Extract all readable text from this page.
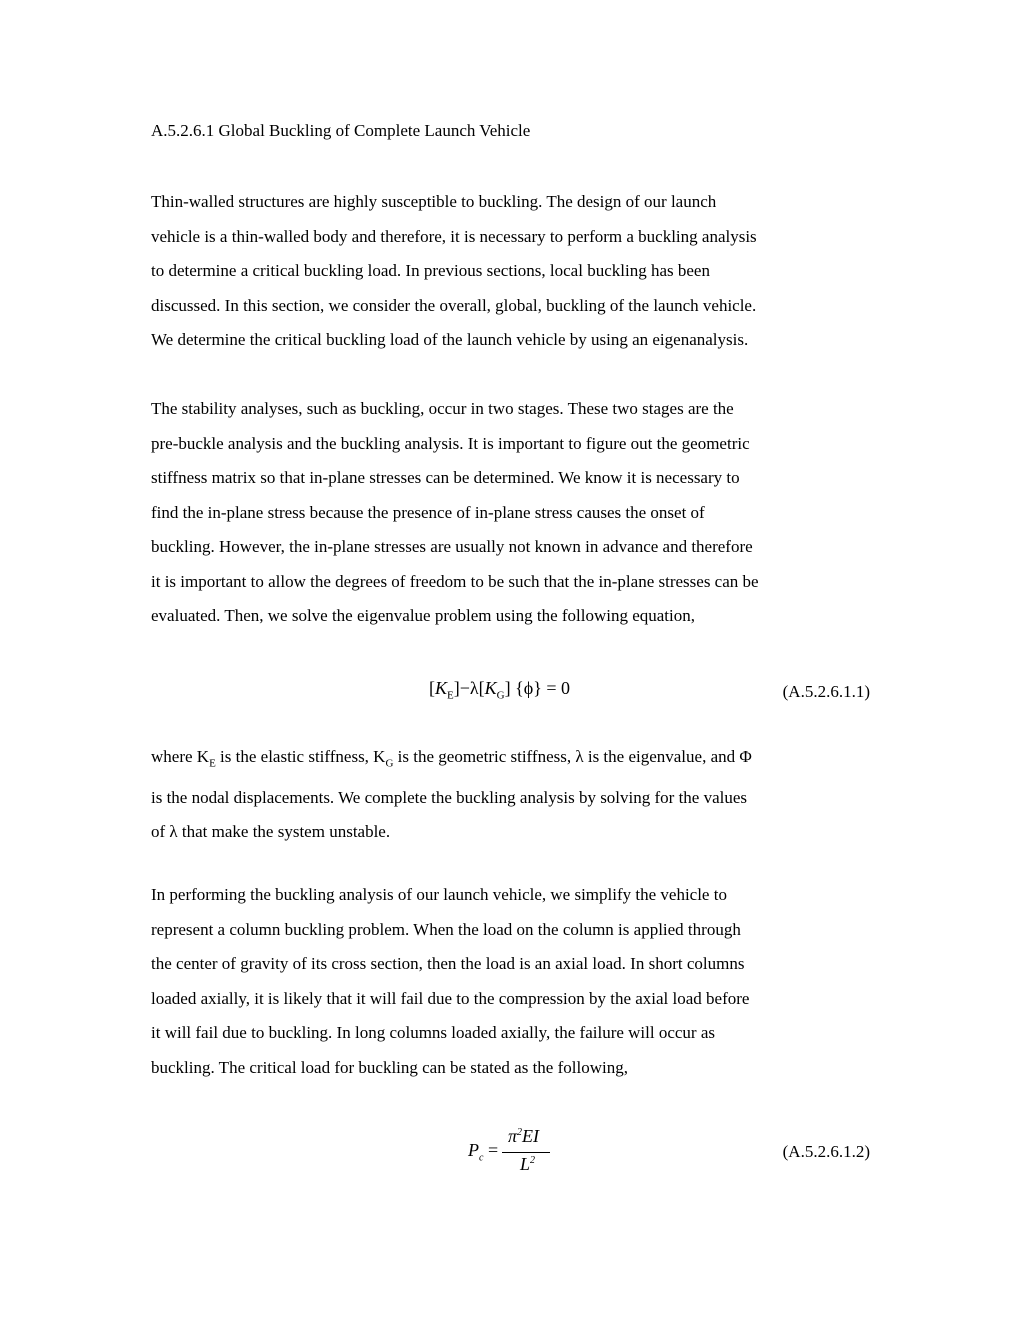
A.5.2.6.1 Global Buckling of Complete Launch Vehicle
Thin-walled structures are highly susceptible to buckling. The design of our launch
vehicle is a thin-walled body and therefore, it is necessary to perform a buckling analysis
to determine a critical buckling load. In previous sections, local buckling has been
discussed. In this section, we consider the overall, global, buckling of the launch vehicle.
We determine the critical buckling load of the launch vehicle by using an eigenanalysis.
The stability analyses, such as buckling, occur in two stages. These two stages are the
pre-buckle analysis and the buckling analysis. It is important to figure out the geometric
stiffness matrix so that in-plane stresses can be determined. We know it is necessary to
find the in-plane stress because the presence of in-plane stress causes the onset of
buckling. However, the in-plane stresses are usually not known in advance and therefore
it is important to allow the degrees of freedom to be such that the in-plane stresses can be
evaluated. Then, we solve the eigenvalue problem using the following equation,
 $[K_E]-\lambda[K_G] \{\phi\} = 0$	(A.5.2.6.1.1)
where $K_E$ is the elastic stiffness, $K_G$ is the geometric stiffness, λ is the eigenvalue, and Φ
is the nodal displacements. We complete the buckling analysis by solving for the values
of λ that make the system unstable.
In performing the buckling analysis of our launch vehicle, we simplify the vehicle to
represent a column buckling problem. When the load on the column is applied through
the center of gravity of its cross section, then the load is an axial load. In short columns
loaded axially, it is likely that it will fail due to the compression by the axial load before
it will fail due to buckling. In long columns loaded axially, the failure will occur as
buckling. The critical load for buckling can be stated as the following,
$P_c$ =
$\pi^2EI$
$L^2$	(A.5.2.6.1.2)
